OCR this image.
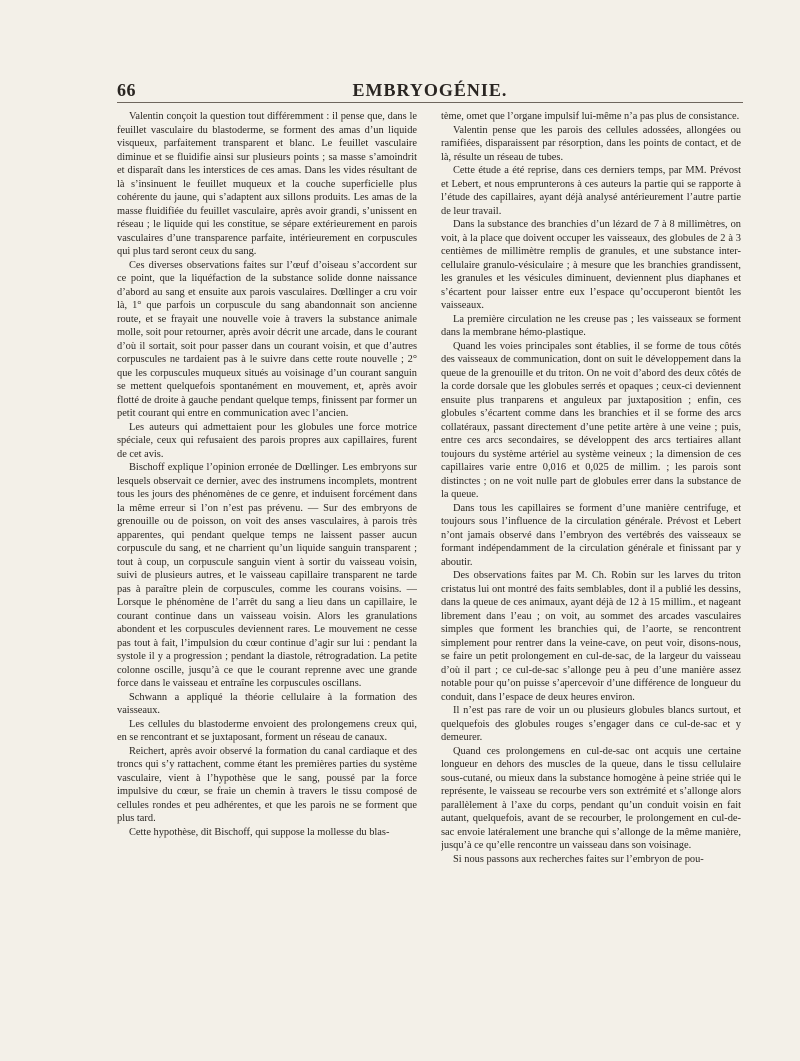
66	EMBRYOGÉNIE.

Valentin conçoit la question tout différemment : il pense que, dans le feuillet vasculaire du blastoderme, se forment des amas d’un liquide visqueux, parfaitement transparent et blanc. Le feuillet vasculaire diminue et se fluidifie ainsi sur plusieurs points ; sa masse s’amoindrit et disparaît dans les interstices de ces amas. Dans les vides résultant de là s’insinuent le feuillet muqueux et la couche superficielle plus cohérente du jaune, qui s’adaptent aux sillons produits. Les amas de la masse fluidifiée du feuillet vasculaire, après avoir grandi, s’unissent en réseau ; le liquide qui les constitue, se sépare extérieurement en parois vasculaires d’une transparence parfaite, intérieurement en corpuscules qui plus tard seront ceux du sang.

Ces diverses observations faites sur l’œuf d’oiseau s’accordent sur ce point, que la liquéfaction de la substance solide donne naissance d’abord au sang et ensuite aux parois vasculaires. Dœllinger a cru voir là, 1° que parfois un corpuscule du sang abandonnait son ancienne route, et se frayait une nouvelle voie à travers la substance animale molle, soit pour retourner, après avoir décrit une arcade, dans le courant d’où il sortait, soit pour passer dans un courant voisin, et que d’autres corpuscules ne tardaient pas à le suivre dans cette route nouvelle ; 2° que les corpuscules muqueux situés au voisinage d’un courant sanguin se mettent quelquefois spontanément en mouvement, et, après avoir flotté de droite à gauche pendant quelque temps, finissent par former un petit courant qui entre en communication avec l’ancien.

Les auteurs qui admettaient pour les globules une force motrice spéciale, ceux qui refusaient des parois propres aux capillaires, furent de cet avis.

Bischoff explique l’opinion erronée de Dœllinger. Les embryons sur lesquels observait ce dernier, avec des instrumens incomplets, montrent tous les jours des phénomènes de ce genre, et induisent forcément dans la même erreur si l’on n’est pas prévenu. — Sur des embryons de grenouille ou de poisson, on voit des anses vasculaires, à parois très apparentes, qui pendant quelque temps ne laissent passer aucun corpuscule du sang, et ne charrient qu’un liquide sanguin transparent ; tout à coup, un corpuscule sanguin vient à sortir du vaisseau voisin, suivi de plusieurs autres, et le vaisseau capillaire transparent ne tarde pas à paraître plein de corpuscules, comme les courans voisins. — Lorsque le phénomène de l’arrêt du sang a lieu dans un capillaire, le courant continue dans un vaisseau voisin. Alors les granulations abondent et les corpuscules deviennent rares. Le mouvement ne cesse pas tout à fait, l’impulsion du cœur continue d’agir sur lui : pendant la systole il y a progression ; pendant la diastole, rétrogradation. La petite colonne oscille, jusqu’à ce que le courant reprenne avec une grande force dans le vaisseau et entraîne les corpuscules oscillans.

Schwann a appliqué la théorie cellulaire à la formation des vaisseaux.

Les cellules du blastoderme envoient des prolongemens creux qui, en se rencontrant et se juxtaposant, forment un réseau de canaux.

Reichert, après avoir observé la formation du canal cardiaque et des troncs qui s’y rattachent, comme étant les premières parties du système vasculaire, vient à l’hypothèse que le sang, poussé par la force impulsive du cœur, se fraie un chemin à travers le tissu composé de cellules rondes et peu adhérentes, et que les parois ne se forment que plus tard.

Cette hypothèse, dit Bischoff, qui suppose la mollesse du blas-

tème, omet que l’organe impulsif lui-même n’a pas plus de consistance.

Valentin pense que les parois des cellules adossées, allongées ou ramifiées, disparaissent par résorption, dans les points de contact, et de là, résulte un réseau de tubes.

Cette étude a été reprise, dans ces derniers temps, par MM. Prévost et Lebert, et nous emprunterons à ces auteurs la partie qui se rapporte à l’étude des capillaires, ayant déjà analysé antérieurement l’autre partie de leur travail.

Dans la substance des branchies d’un lézard de 7 à 8 millimètres, on voit, à la place que doivent occuper les vaisseaux, des globules de 2 à 3 centièmes de millimètre remplis de granules, et une substance inter-cellulaire granulo-vésiculaire ; à mesure que les branchies grandissent, les granules et les vésicules diminuent, deviennent plus diaphanes et s’écartent pour laisser entre eux l’espace qu’occuperont bientôt les vaisseaux.

La première circulation ne les creuse pas ; les vaisseaux se forment dans la membrane hémo-plastique.

Quand les voies principales sont établies, il se forme de tous côtés des vaisseaux de communication, dont on suit le développement dans la queue de la grenouille et du triton. On ne voit d’abord des deux côtés de la corde dorsale que les globules serrés et opaques ; ceux-ci deviennent ensuite plus tranparens et anguleux par juxtaposition ; enfin, ces globules s’écartent comme dans les branchies et il se forme des arcs collatéraux, passant directement d’une petite artère à une veine ; puis, entre ces arcs secondaires, se développent des arcs tertiaires allant toujours du système artériel au système veineux ; la dimension de ces capillaires varie entre 0,016 et 0,025 de millim. ; les parois sont distinctes ; on ne voit nulle part de globules errer dans la substance de la queue.

Dans tous les capillaires se forment d’une manière centrifuge, et toujours sous l’influence de la circulation générale. Prévost et Lebert n’ont jamais observé dans l’embryon des vertébrés des vaisseaux se formant indépendamment de la circulation générale et finissant par y aboutir.

Des observations faites par M. Ch. Robin sur les larves du triton cristatus lui ont montré des faits semblables, dont il a publié les dessins, dans la queue de ces animaux, ayant déjà de 12 à 15 millim., et nageant librement dans l’eau ; on voit, au sommet des arcades vasculaires simples que forment les branchies qui, de l’aorte, se rencontrent simplement pour rentrer dans la veine-cave, on peut voir, disons-nous, se faire un petit prolongement en cul-de-sac, de la largeur du vaisseau d’où il part ; ce cul-de-sac s’allonge peu à peu d’une manière assez notable pour qu’on puisse s’apercevoir d’une différence de longueur du conduit, dans l’espace de deux heures environ.

Il n’est pas rare de voir un ou plusieurs globules blancs surtout, et quelquefois des globules rouges s’engager dans ce cul-de-sac et y demeurer.

Quand ces prolongemens en cul-de-sac ont acquis une certaine longueur en dehors des muscles de la queue, dans le tissu cellulaire sous-cutané, ou mieux dans la substance homogène à peine striée qui le représente, le vaisseau se recourbe vers son extrémité et s’allonge alors parallèlement à l’axe du corps, pendant qu’un conduit voisin en fait autant, quelquefois, avant de se recourber, le prolongement en cul-de-sac envoie latéralement une branche qui s’allonge de la même manière, jusqu’à ce qu’elle rencontre un vaisseau dans son voisinage.

Si nous passons aux recherches faites sur l’embryon de pou-
